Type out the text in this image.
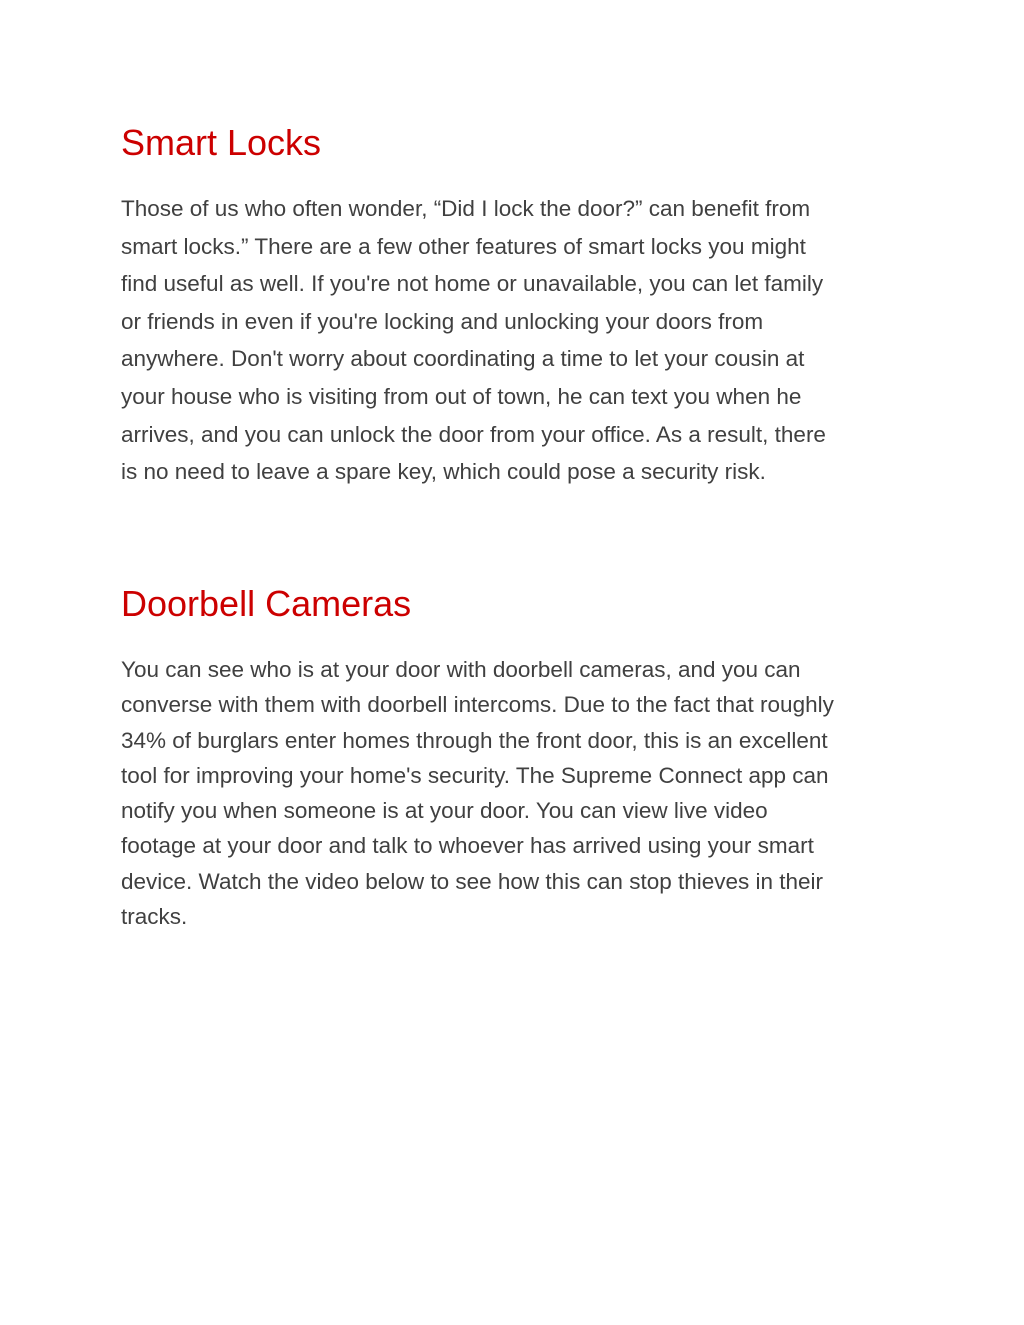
Smart Locks
Those of us who often wonder, “Did I lock the door?” can benefit from
smart locks.” There are a few other features of smart locks you might
find useful as well. If you're not home or unavailable, you can let family
or friends in even if you're locking and unlocking your doors from
anywhere. Don't worry about coordinating a time to let your cousin at
your house who is visiting from out of town, he can text you when he
arrives, and you can unlock the door from your office. As a result, there
is no need to leave a spare key, which could pose a security risk.
Doorbell Cameras
You can see who is at your door with doorbell cameras, and you can
converse with them with doorbell intercoms. Due to the fact that roughly
34% of burglars enter homes through the front door, this is an excellent
tool for improving your home's security. The Supreme Connect app can
notify you when someone is at your door. You can view live video
footage at your door and talk to whoever has arrived using your smart
device. Watch the video below to see how this can stop thieves in their
tracks.
